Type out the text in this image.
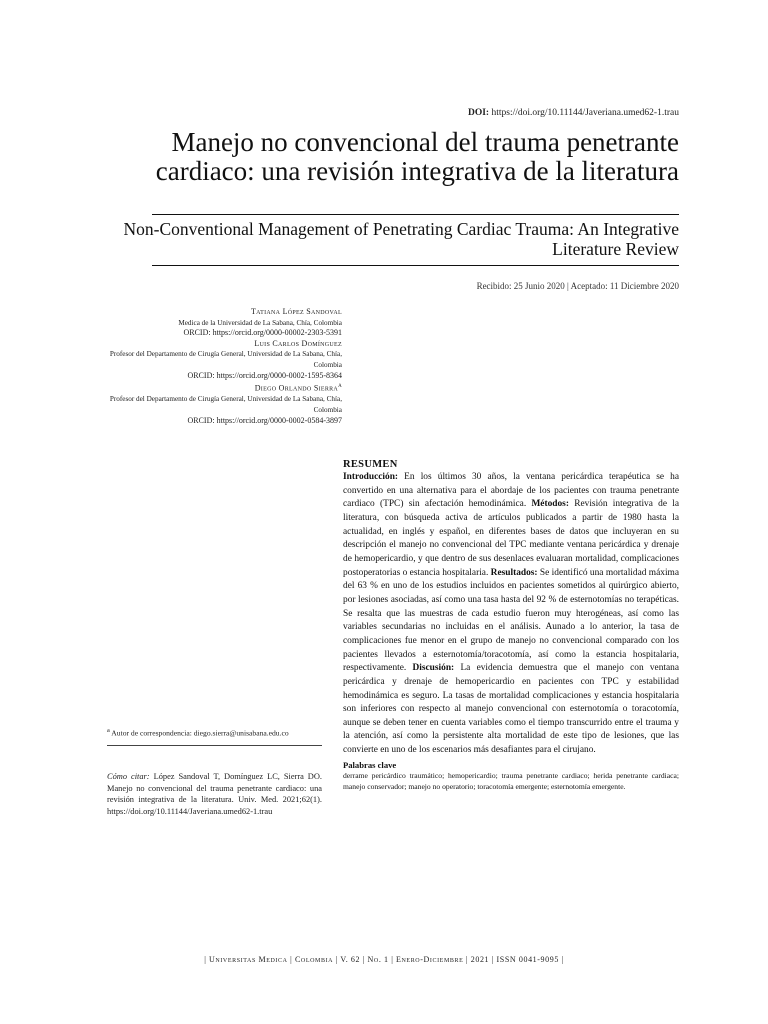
DOI: https://doi.org/10.11144/Javeriana.umed62-1.trau
Manejo no convencional del trauma penetrante cardiaco: una revisión integrativa de la literatura
Non-Conventional Management of Penetrating Cardiac Trauma: An Integrative Literature Review
Recibido: 25 Junio 2020 | Aceptado: 11 Diciembre 2020
Tatiana López Sandoval
Medica de la Universidad de La Sabana, Chía, Colombia
ORCID: https://orcid.org/0000-00002-2303-5391
Luis Carlos Domínguez
Profesor del Departamento de Cirugía General, Universidad de La Sabana, Chía, Colombia
ORCID: https://orcid.org/0000-0002-1595-8364
Diego Orlando Sierra$^a$
Profesor del Departamento de Cirugía General, Universidad de La Sabana, Chía, Colombia
ORCID: https://orcid.org/0000-0002-0584-3897
$^a$ Autor de correspondencia: diego.sierra@unisabana.edu.co
Cómo citar: López Sandoval T, Domínguez LC, Sierra DO. Manejo no convencional del trauma penetrante cardiaco: una revisión integrativa de la literatura. Univ. Med. 2021;62(1). https://doi.org/10.11144/Javeriana.umed62-1.trau
RESUMEN
Introducción: En los últimos 30 años, la ventana pericárdica terapéutica se ha convertido en una alternativa para el abordaje de los pacientes con trauma penetrante cardiaco (TPC) sin afectación hemodinámica. Métodos: Revisión integrativa de la literatura, con búsqueda activa de artículos publicados a partir de 1980 hasta la actualidad, en inglés y español, en diferentes bases de datos que incluyeran en su descripción el manejo no convencional del TPC mediante ventana pericárdica y drenaje de hemopericardio, y que dentro de sus desenlaces evaluaran mortalidad, complicaciones postoperatorias o estancia hospitalaria. Resultados: Se identificó una mortalidad máxima del 63 % en uno de los estudios incluidos en pacientes sometidos al quirúrgico abierto, por lesiones asociadas, así como una tasa hasta del 92 % de esternotomías no terapéticas. Se resalta que las muestras de cada estudio fueron muy hterogéneas, así como las variables secundarias no incluidas en el análisis. Aunado a lo anterior, la tasa de complicaciones fue menor en el grupo de manejo no convencional comparado con los pacientes llevados a esternotomía/toracotomía, así como la estancia hospitalaria, respectivamente. Discusión: La evidencia demuestra que el manejo con ventana pericárdica y drenaje de hemopericardio en pacientes con TPC y estabilidad hemodinámica es seguro. La tasas de mortalidad complicaciones y estancia hospitalaria son inferiores con respecto al manejo convencional con esternotomía o toracotomía, aunque se deben tener en cuenta variables como el tiempo transcurrido entre el trauma y la atención, así como la persistente alta mortalidad de este tipo de lesiones, que las convierte en uno de los escenarios más desafiantes para el cirujano.
Palabras clave
derrame pericárdico traumático; hemopericardio; trauma penetrante cardiaco; herida penetrante cardiaca; manejo conservador; manejo no operatorio; toracotomía emergente; esternotomía emergente.
| Universitas Medica | Colombia | V. 62 | No. 1 | Enero-Diciembre | 2021 | ISSN 0041-9095 |
